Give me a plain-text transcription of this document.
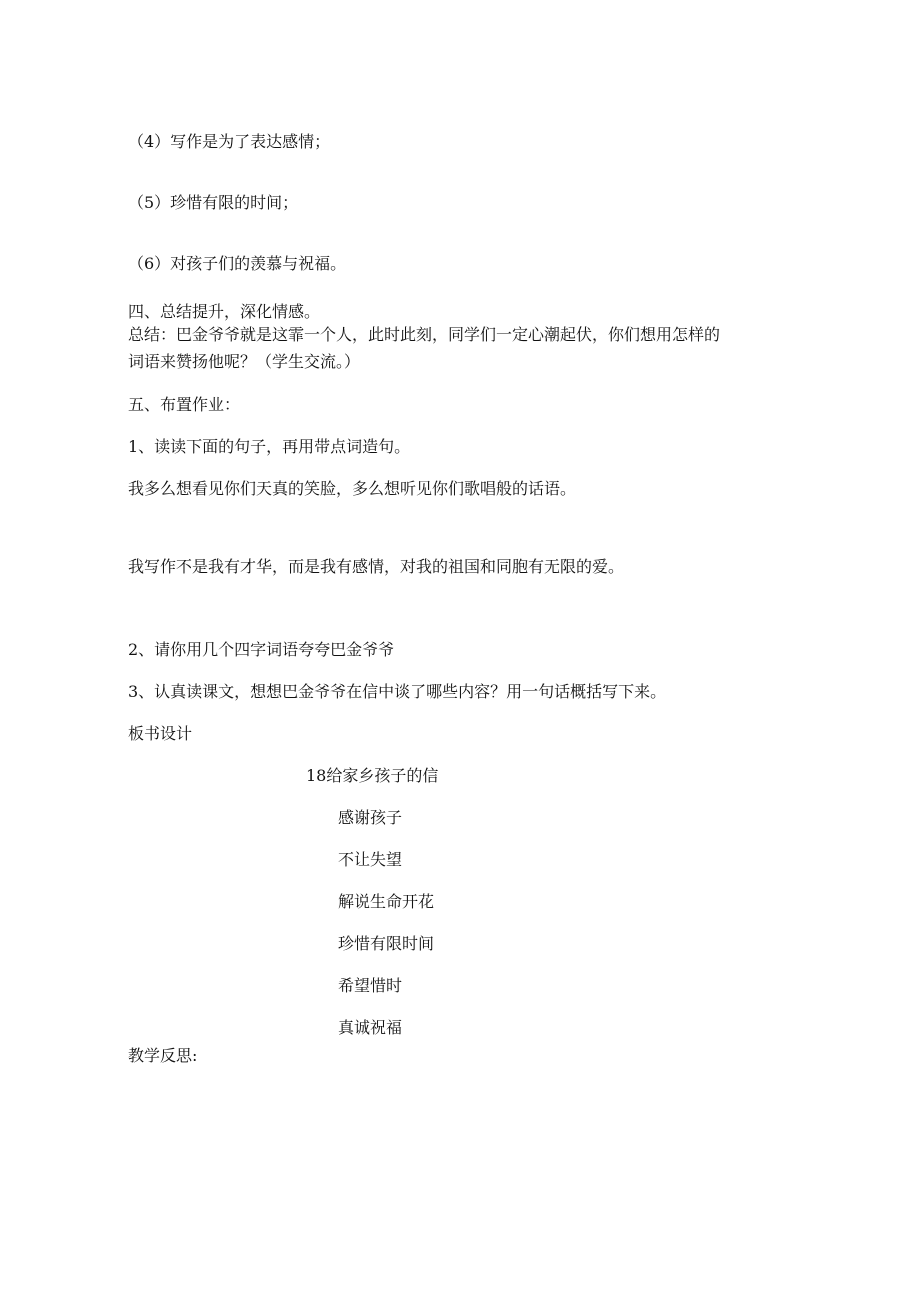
（4）写作是为了表达感情；
（5）珍惜有限的时间；
（6）对孩子们的羡慕与祝福。
四、总结提升，深化情感。
总结：巴金爷爷就是这霏一个人，此时此刻，同学们一定心潮起伏，你们想用怎样的
词语来赞扬他呢？（学生交流。）
五、布置作业：
1、读读下面的句子，再用带点词造句。
我多么想看见你们天真的笑脸，多么想听见你们歌唱般的话语。
我写作不是我有才华，而是我有感情，对我的祖国和同胞有无限的爱。
2、请你用几个四字词语夸夸巴金爷爷
3、认真读课文，想想巴金爷爷在信中谈了哪些内容？用一句话概括写下来。
板书设计
18给家乡孩子的信
感谢孩子
不让失望
解说生命开花
珍惜有限时间
希望惜时
真诚祝福
教学反思:
